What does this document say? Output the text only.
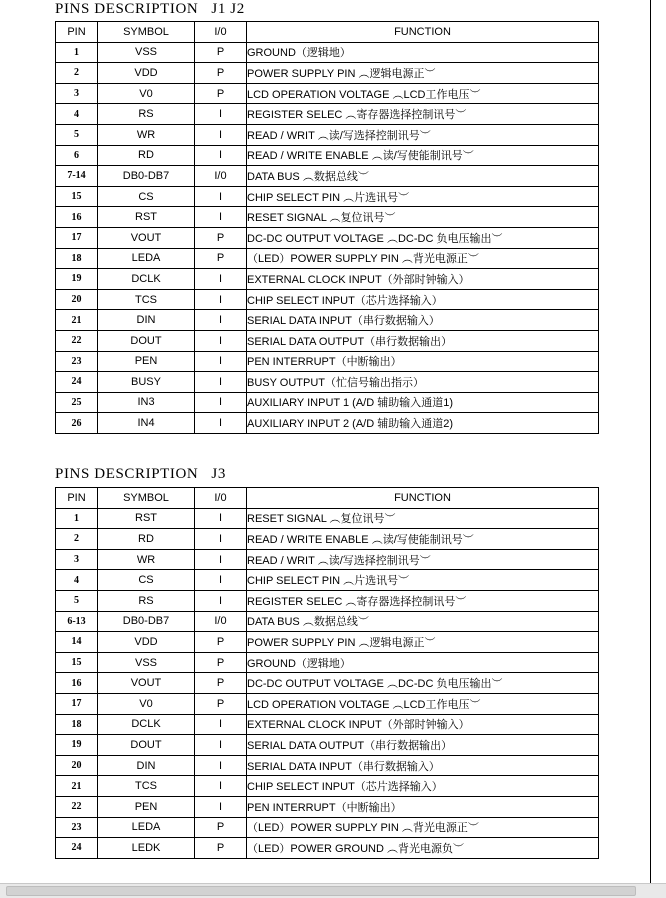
PINS DESCRIPTION   J1 J2
PIN	SYMBOL	I/0	FUNCTION
1	VSS	P	GROUND（逻辑地）
2	VDD	P	POWER SUPPLY PIN ︵逻辑电源正︶
3	V0	P	LCD OPERATION VOLTAGE ︵LCD工作电压︶
4	RS	I	REGISTER SELEC ︵寄存器选择控制讯号︶
5	WR	I	READ / WRIT ︵读/写选择控制讯号︶
6	RD	I	READ / WRITE ENABLE ︵读/写使能制讯号︶
7-14	DB0-DB7	I/0	DATA BUS ︵数据总线︶
15	CS	I	CHIP SELECT PIN ︵片选讯号︶
16	RST	I	RESET SIGNAL ︵复位讯号︶
17	VOUT	P	DC-DC OUTPUT VOLTAGE ︵DC-DC 负电压输出︶
18	LEDA	P	（LED）POWER SUPPLY PIN ︵背光电源正︶
19	DCLK	I	EXTERNAL CLOCK INPUT（外部时钟输入）
20	TCS	I	CHIP SELECT INPUT（芯片选择输入）
21	DIN	I	SERIAL DATA INPUT（串行数据输入）
22	DOUT	I	SERIAL DATA OUTPUT（串行数据输出）
23	PEN	I	PEN INTERRUPT（中断输出）
24	BUSY	I	BUSY OUTPUT（忙信号输出指示）
25	IN3	I	AUXILIARY INPUT 1 (A/D 辅助输入通道1)
26	IN4	I	AUXILIARY INPUT 2 (A/D 辅助输入通道2)
PINS DESCRIPTION   J3
PIN	SYMBOL	I/0	FUNCTION
1	RST	I	RESET SIGNAL ︵复位讯号︶
2	RD	I	READ / WRITE ENABLE ︵读/写使能制讯号︶
3	WR	I	READ / WRIT ︵读/写选择控制讯号︶
4	CS	I	CHIP SELECT PIN ︵片选讯号︶
5	RS	I	REGISTER SELEC ︵寄存器选择控制讯号︶
6-13	DB0-DB7	I/0	DATA BUS ︵数据总线︶
14	VDD	P	POWER SUPPLY PIN ︵逻辑电源正︶
15	VSS	P	GROUND（逻辑地）
16	VOUT	P	DC-DC OUTPUT VOLTAGE ︵DC-DC 负电压输出︶
17	V0	P	LCD OPERATION VOLTAGE ︵LCD工作电压︶
18	DCLK	I	EXTERNAL CLOCK INPUT（外部时钟输入）
19	DOUT	I	SERIAL DATA OUTPUT（串行数据输出）
20	DIN	I	SERIAL DATA INPUT（串行数据输入）
21	TCS	I	CHIP SELECT INPUT（芯片选择输入）
22	PEN	I	PEN INTERRUPT（中断输出）
23	LEDA	P	（LED）POWER SUPPLY PIN ︵背光电源正︶
24	LEDK	P	（LED）POWER GROUND ︵背光电源负︶
